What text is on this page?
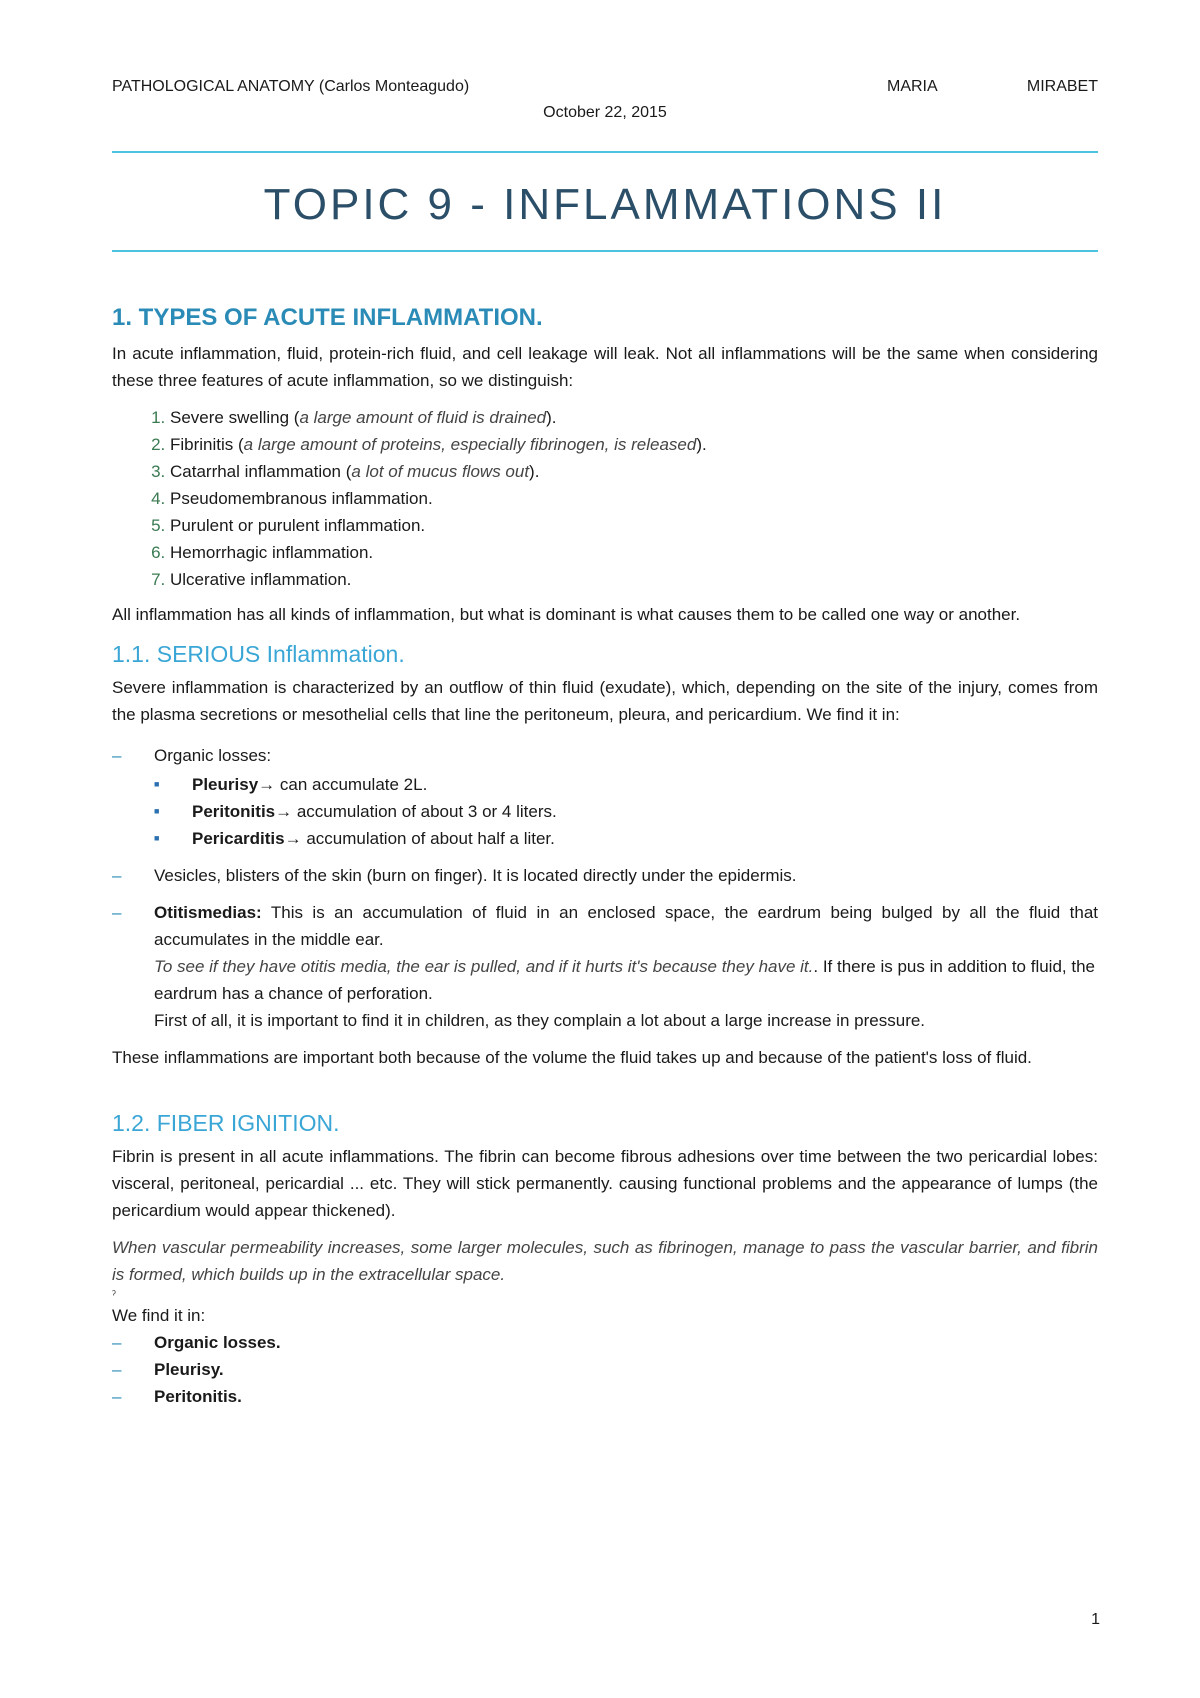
PATHOLOGICAL ANATOMY (Carlos Monteagudo)	MARIA	MIRABET
October 22, 2015
TOPIC 9 - INFLAMMATIONS II
1. TYPES OF ACUTE INFLAMMATION.

In acute inflammation, fluid, protein-rich fluid, and cell leakage will leak. Not all inflammations will be the same when considering these three features of acute inflammation, so we distinguish:

1. Severe swelling (a large amount of fluid is drained).
2. Fibrinitis (a large amount of proteins, especially fibrinogen, is released).
3. Catarrhal inflammation (a lot of mucus flows out).
4. Pseudomembranous inflammation.
5. Purulent or purulent inflammation.
6. Hemorrhagic inflammation.
7. Ulcerative inflammation.

All inflammation has all kinds of inflammation, but what is dominant is what causes them to be called one way or another.

1.1. SERIOUS Inflammation.

Severe inflammation is characterized by an outflow of thin fluid (exudate), which, depending on the site of the injury, comes from the plasma secretions or mesothelial cells that line the peritoneum, pleura, and pericardium. We find it in:

– Organic losses:
■ Pleurisy→ can accumulate 2L.
■ Peritonitis→ accumulation of about 3 or 4 liters.
■ Pericarditis→ accumulation of about half a liter.
– Vesicles, blisters of the skin (burn on finger). It is located directly under the epidermis.
– Otitismedias: This is an accumulation of fluid in an enclosed space, the eardrum being bulged by all the fluid that accumulates in the middle ear.
To see if they have otitis media, the ear is pulled, and if it hurts it's because they have it.. If there is pus in addition to fluid, the eardrum has a chance of perforation.
First of all, it is important to find it in children, as they complain a lot about a large increase in pressure.

These inflammations are important both because of the volume the fluid takes up and because of the patient's loss of fluid.

1.2. FIBER IGNITION.

Fibrin is present in all acute inflammations. The fibrin can become fibrous adhesions over time between the two pericardial lobes: visceral, peritoneal, pericardial ... etc. They will stick permanently. causing functional problems and the appearance of lumps (the pericardium would appear thickened).

When vascular permeability increases, some larger molecules, such as fibrinogen, manage to pass the vascular barrier, and fibrin is formed, which builds up in the extracellular space.

ˀ
We find it in:
– Organic losses.
– Pleurisy.
– Peritonitis.
1
